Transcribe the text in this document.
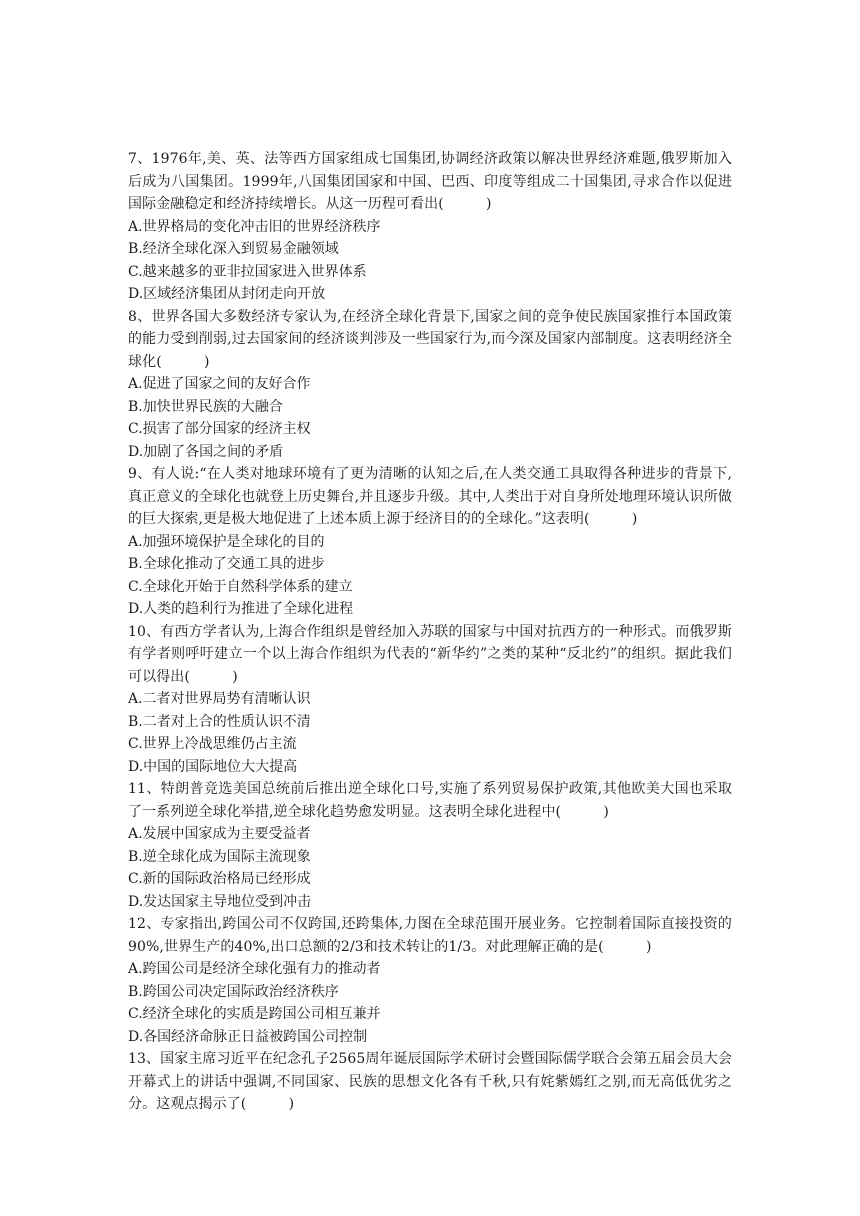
7、1976年,美、英、法等西方国家组成七国集团,协调经济政策以解决世界经济难题,俄罗斯加入后成为八国集团。1999年,八国集团国家和中国、巴西、印度等组成二十国集团,寻求合作以促进国际金融稳定和经济持续增长。从这一历程可看出(　　　)

A.世界格局的变化冲击旧的世界经济秩序

B.经济全球化深入到贸易金融领域

C.越来越多的亚非拉国家进入世界体系

D.区域经济集团从封闭走向开放

8、世界各国大多数经济专家认为,在经济全球化背景下,国家之间的竞争使民族国家推行本国政策的能力受到削弱,过去国家间的经济谈判涉及一些国家行为,而今深及国家内部制度。这表明经济全球化(　　　)

A.促进了国家之间的友好合作

B.加快世界民族的大融合

C.损害了部分国家的经济主权

D.加剧了各国之间的矛盾

9、有人说:“在人类对地球环境有了更为清晰的认知之后,在人类交通工具取得各种进步的背景下,真正意义的全球化也就登上历史舞台,并且逐步升级。其中,人类出于对自身所处地理环境认识所做的巨大探索,更是极大地促进了上述本质上源于经济目的的全球化。”这表明(　　　)

A.加强环境保护是全球化的目的

B.全球化推动了交通工具的进步

C.全球化开始于自然科学体系的建立

D.人类的趋利行为推进了全球化进程

10、有西方学者认为,上海合作组织是曾经加入苏联的国家与中国对抗西方的一种形式。而俄罗斯有学者则呼吁建立一个以上海合作组织为代表的“新华约”之类的某种“反北约”的组织。据此我们可以得出(　　　)

A.二者对世界局势有清晰认识

B.二者对上合的性质认识不清

C.世界上冷战思维仍占主流

D.中国的国际地位大大提高

11、特朗普竞选美国总统前后推出逆全球化口号,实施了系列贸易保护政策,其他欧美大国也采取了一系列逆全球化举措,逆全球化趋势愈发明显。这表明全球化进程中(　　　)

A.发展中国家成为主要受益者

B.逆全球化成为国际主流现象

C.新的国际政治格局已经形成

D.发达国家主导地位受到冲击

12、专家指出,跨国公司不仅跨国,还跨集体,力图在全球范围开展业务。它控制着国际直接投资的90%,世界生产的40%,出口总额的2/3和技术转让的1/3。对此理解正确的是(　　　)

A.跨国公司是经济全球化强有力的推动者

B.跨国公司决定国际政治经济秩序

C.经济全球化的实质是跨国公司相互兼并

D.各国经济命脉正日益被跨国公司控制

13、国家主席习近平在纪念孔子2565周年诞辰国际学术研讨会暨国际儒学联合会第五届会员大会开幕式上的讲话中强调,不同国家、民族的思想文化各有千秋,只有姹紫嫣红之别,而无高低优劣之分。这观点揭示了(　　　)
